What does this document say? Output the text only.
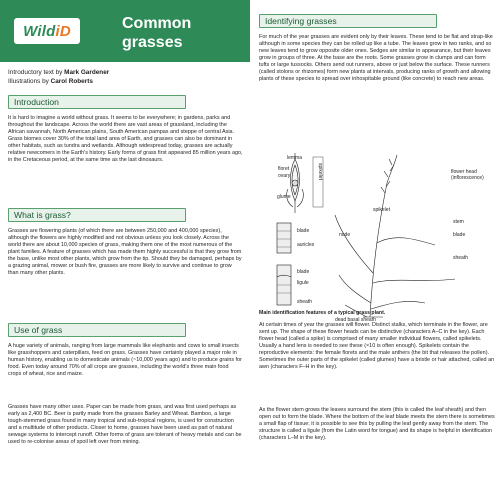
WildiD	Common
grasses
Introductory text by Mark Gardener
Illustrations by Carol Roberts
Introduction
It is hard to imagine a world without grass. It seems to be everywhere; in gardens, parks and throughout the landscape. Across the world there are vast areas of grassland, including the African savannah, North American plains, South American pampas and steppe of central Asia. Grass biomes cover 30% of the total land area of Earth, and grasses can also be dominant in other habitats, such as tundra and wetlands. Although widespread today, grasses are actually relative newcomers in the Earth's history. Early forms of grass first appeared 85 million years ago, in the Cretaceous period, at the same time as the last dinosaurs.
What is grass?
Grasses are flowering plants (of which there are between 250,000 and 400,000 species), although the flowers are highly modified and not obvious unless you look closely. Across the world there are about 10,000 species of grass, making them one of the most numerous of the plant families. A feature of grasses which has made them highly successful is that they grow from the base, unlike most other plants, which grow from the tip. Should they be damaged, perhaps by a grazing animal, mower or bush fire, grasses are more likely to survive and continue to grow than many other plants.
Use of grass
A huge variety of animals, ranging from large mammals like elephants and cows to small insects like grasshoppers and caterpillars, feed on grass. Grasses have certainly played a major role in human history, enabling us to domesticate animals (~10,000 years ago) and to produce grains for food. Even today around 70% of all crops are grasses, including the world's three main food crops of wheat, rice and maize.
Grasses have many other uses. Paper can be made from grass, and was first used perhaps as early as 2,400 BC. Beer is partly made from the grasses Barley and Wheat. Bamboo, a large tough-stemmed grass found in many tropical and sub-tropical regions, is used for construction and a multitude of other products. Closer to home, grasses have been used as part of natural sewage systems to intercept runoff. Other forms of grass are tolerant of heavy metals and can be used to re-colonise areas of spoil left over from mining.
Identifying grasses
For much of the year grasses are evident only by their leaves. These tend to be flat and strap-like although in some species they can be rolled up like a tube. The leaves grow in two ranks, and so new leaves tend to grow opposite older ones. Sedges are similar in appearance, but their leaves grow in groups of three. At the base are the roots. Some grasses grow in clumps and can form tufts or large tussocks. Others send out runners, above or just below the surface. These runners (called stolons or rhizomes) form new plants at intervals, producing ranks of growth and allowing plants of these species to spread over inhospitable ground (like concrete) to reach new areas.
lemma
floret
ovary
glume
spikelet
blade
auricles
blade
ligule
sheath
spikelet
flower head
(inflorescence)
stem
blade
node
sheath
dead basal sheath
Main identification features of a typical grass plant.
At certain times of year the grasses will flower. Distinct stalks, which terminate in the flower, are sent up. The shape of these flower heads can be distinctive (characters A–C in the key). Each flower head (called a spike) is comprised of many smaller individual flowers, called spikelets. Usually a hand lens is needed to see these (×10 is often enough). Spikelets contain the reproductive elements: the female florets and the male anthers (the bit that releases the pollen). Sometimes the outer parts of the spikelet (called glumes) have a bristle or hair attached, called an awn (characters F–H in the key).
As the flower stem grows the leaves surround the stem (this is called the leaf sheath) and then open out to form the blade. Where the bottom of the leaf blade meets the stem there is sometimes a small flap of tissue; it is possible to see this by pulling the leaf gently away from the stem. The structure is called a ligule (from the Latin word for tongue) and its shape is helpful in identification (characters L–M in the key).
